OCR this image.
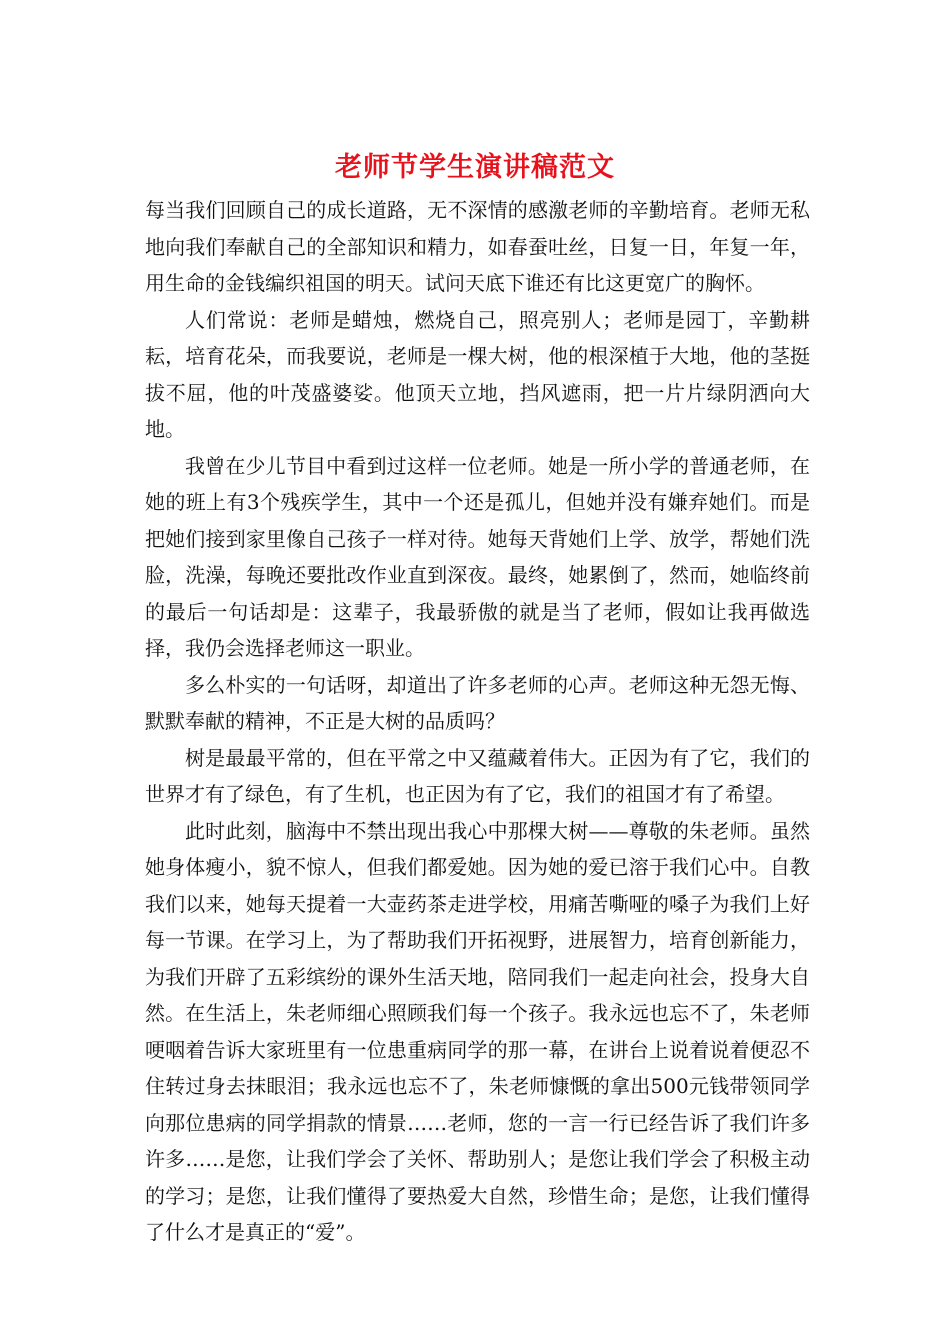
老师节学生演讲稿范文

每当我们回顾自己的成长道路，无不深情的感激老师的辛勤培育。老师无私地向我们奉献自己的全部知识和精力，如春蚕吐丝，日复一日，年复一年，用生命的金钱编织祖国的明天。试问天底下谁还有比这更宽广的胸怀。

人们常说：老师是蜡烛，燃烧自己，照亮别人；老师是园丁，辛勤耕耘，培育花朵，而我要说，老师是一棵大树，他的根深植于大地，他的茎挺拔不屈，他的叶茂盛婆娑。他顶天立地，挡风遮雨，把一片片绿阴洒向大地。

我曾在少儿节目中看到过这样一位老师。她是一所小学的普通老师，在她的班上有3个残疾学生，其中一个还是孤儿，但她并没有嫌弃她们。而是把她们接到家里像自己孩子一样对待。她每天背她们上学、放学，帮她们洗脸，洗澡，每晚还要批改作业直到深夜。最终，她累倒了，然而，她临终前的最后一句话却是：这辈子，我最骄傲的就是当了老师，假如让我再做选择，我仍会选择老师这一职业。

多么朴实的一句话呀，却道出了许多老师的心声。老师这种无怨无悔、默默奉献的精神，不正是大树的品质吗？

树是最最平常的，但在平常之中又蕴藏着伟大。正因为有了它，我们的世界才有了绿色，有了生机，也正因为有了它，我们的祖国才有了希望。

此时此刻，脑海中不禁出现出我心中那棵大树——尊敬的朱老师。虽然她身体瘦小，貌不惊人，但我们都爱她。因为她的爱已溶于我们心中。自教我们以来，她每天提着一大壶药茶走进学校，用痛苦嘶哑的嗓子为我们上好每一节课。在学习上，为了帮助我们开拓视野，进展智力，培育创新能力，为我们开辟了五彩缤纷的课外生活天地，陪同我们一起走向社会，投身大自然。在生活上，朱老师细心照顾我们每一个孩子。我永远也忘不了，朱老师哽咽着告诉大家班里有一位患重病同学的那一幕，在讲台上说着说着便忍不住转过身去抹眼泪；我永远也忘不了，朱老师慷慨的拿出500元钱带领同学向那位患病的同学捐款的情景……老师，您的一言一行已经告诉了我们许多许多……是您，让我们学会了关怀、帮助别人；是您让我们学会了积极主动的学习；是您，让我们懂得了要热爱大自然，珍惜生命；是您，让我们懂得了什么才是真正的“爱”。
